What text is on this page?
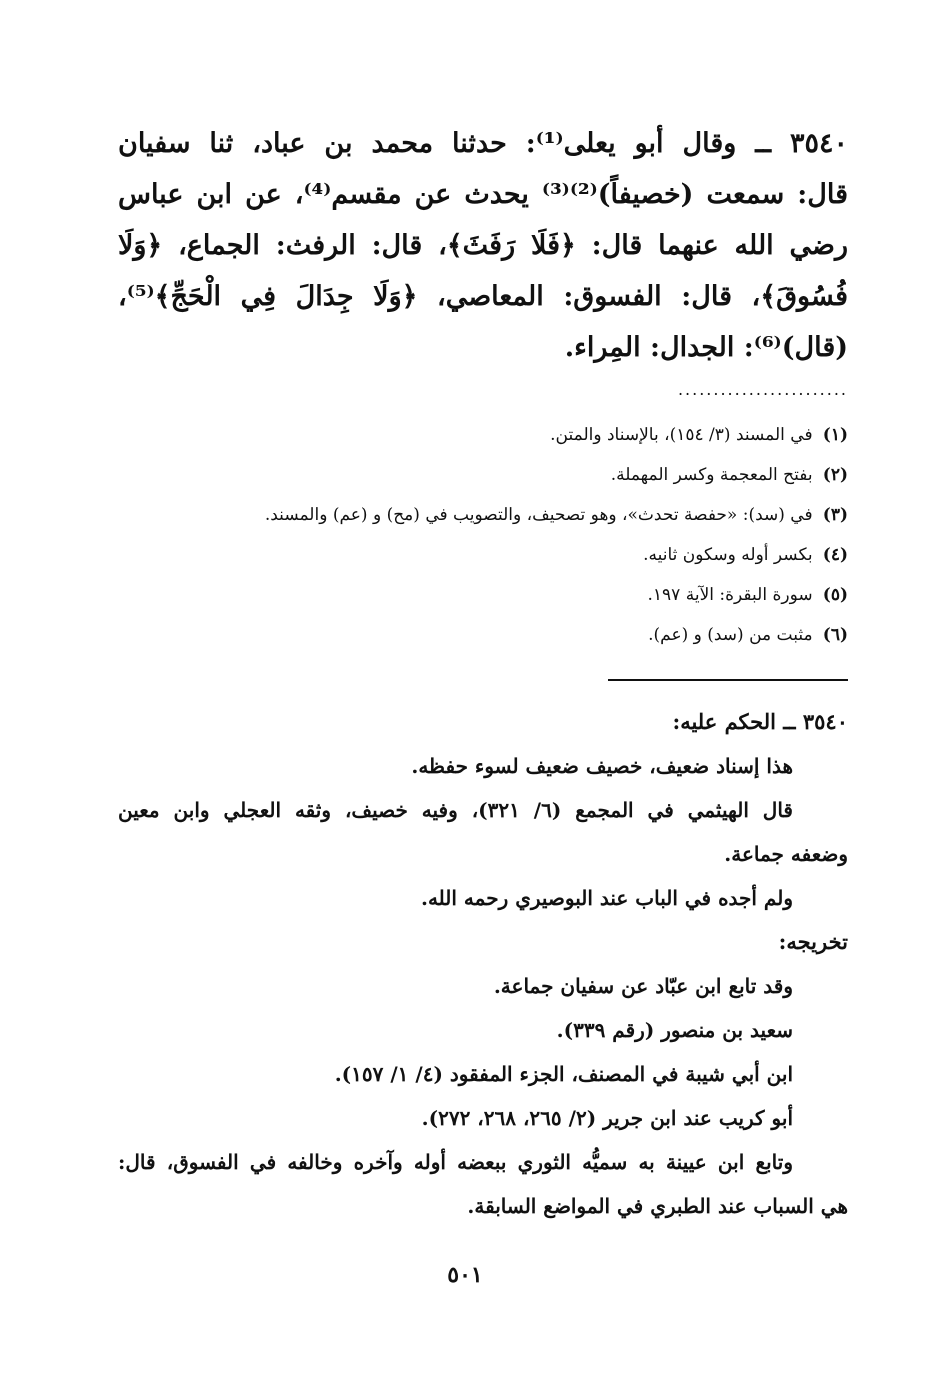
٣٥٤٠ ــ وقال أبو يعلى⁽¹⁾: حدثنا محمد بن عباد، ثنا سفيان
قال: سمعت (خصيفاً)⁽²⁾⁽³⁾ يحدث عن مقسم⁽⁴⁾، عن ابن عباس
رضي الله عنهما قال: ﴿فَلَا رَفَثَ﴾، قال: الرفث: الجماع، ﴿وَلَا
فُسُوقَ﴾، قال: الفسوق: المعاصي، ﴿وَلَا جِدَالَ فِي الْحَجِّ﴾⁽⁵⁾،
(قال)⁽⁶⁾: الجدال: المِراء.
........................
(١) في المسند (٣/ ١٥٤)، بالإسناد والمتن.
(٢) بفتح المعجمة وكسر المهملة.
(٣) في (سد): «حفصة تحدث»، وهو تصحيف، والتصويب في (مح) و (عم) والمسند.
(٤) بكسر أوله وسكون ثانيه.
(٥) سورة البقرة: الآية ١٩٧.
(٦) مثبت من (سد) و (عم).
٣٥٤٠ ــ الحكم عليه:
هذا إسناد ضعيف، خصيف ضعيف لسوء حفظه.
قال الهيثمي في المجمع (٦/ ٣٢١)، وفيه خصيف، وثقه العجلي وابن معين
وضعفه جماعة.
ولم أجده في الباب عند البوصيري رحمه الله.
تخريجه:
وقد تابع ابن عبّاد عن سفيان جماعة.
سعيد بن منصور (رقم ٣٣٩).
ابن أبي شيبة في المصنف، الجزء المفقود (٤/ ١/ ١٥٧).
أبو كريب عند ابن جرير (٢/ ٢٦٥، ٢٦٨، ٢٧٢).
وتابع ابن عيينة به سميُّه الثوري ببعضه أوله وآخره وخالفه في الفسوق، قال:
هي السباب عند الطبري في المواضع السابقة.
٥٠١
